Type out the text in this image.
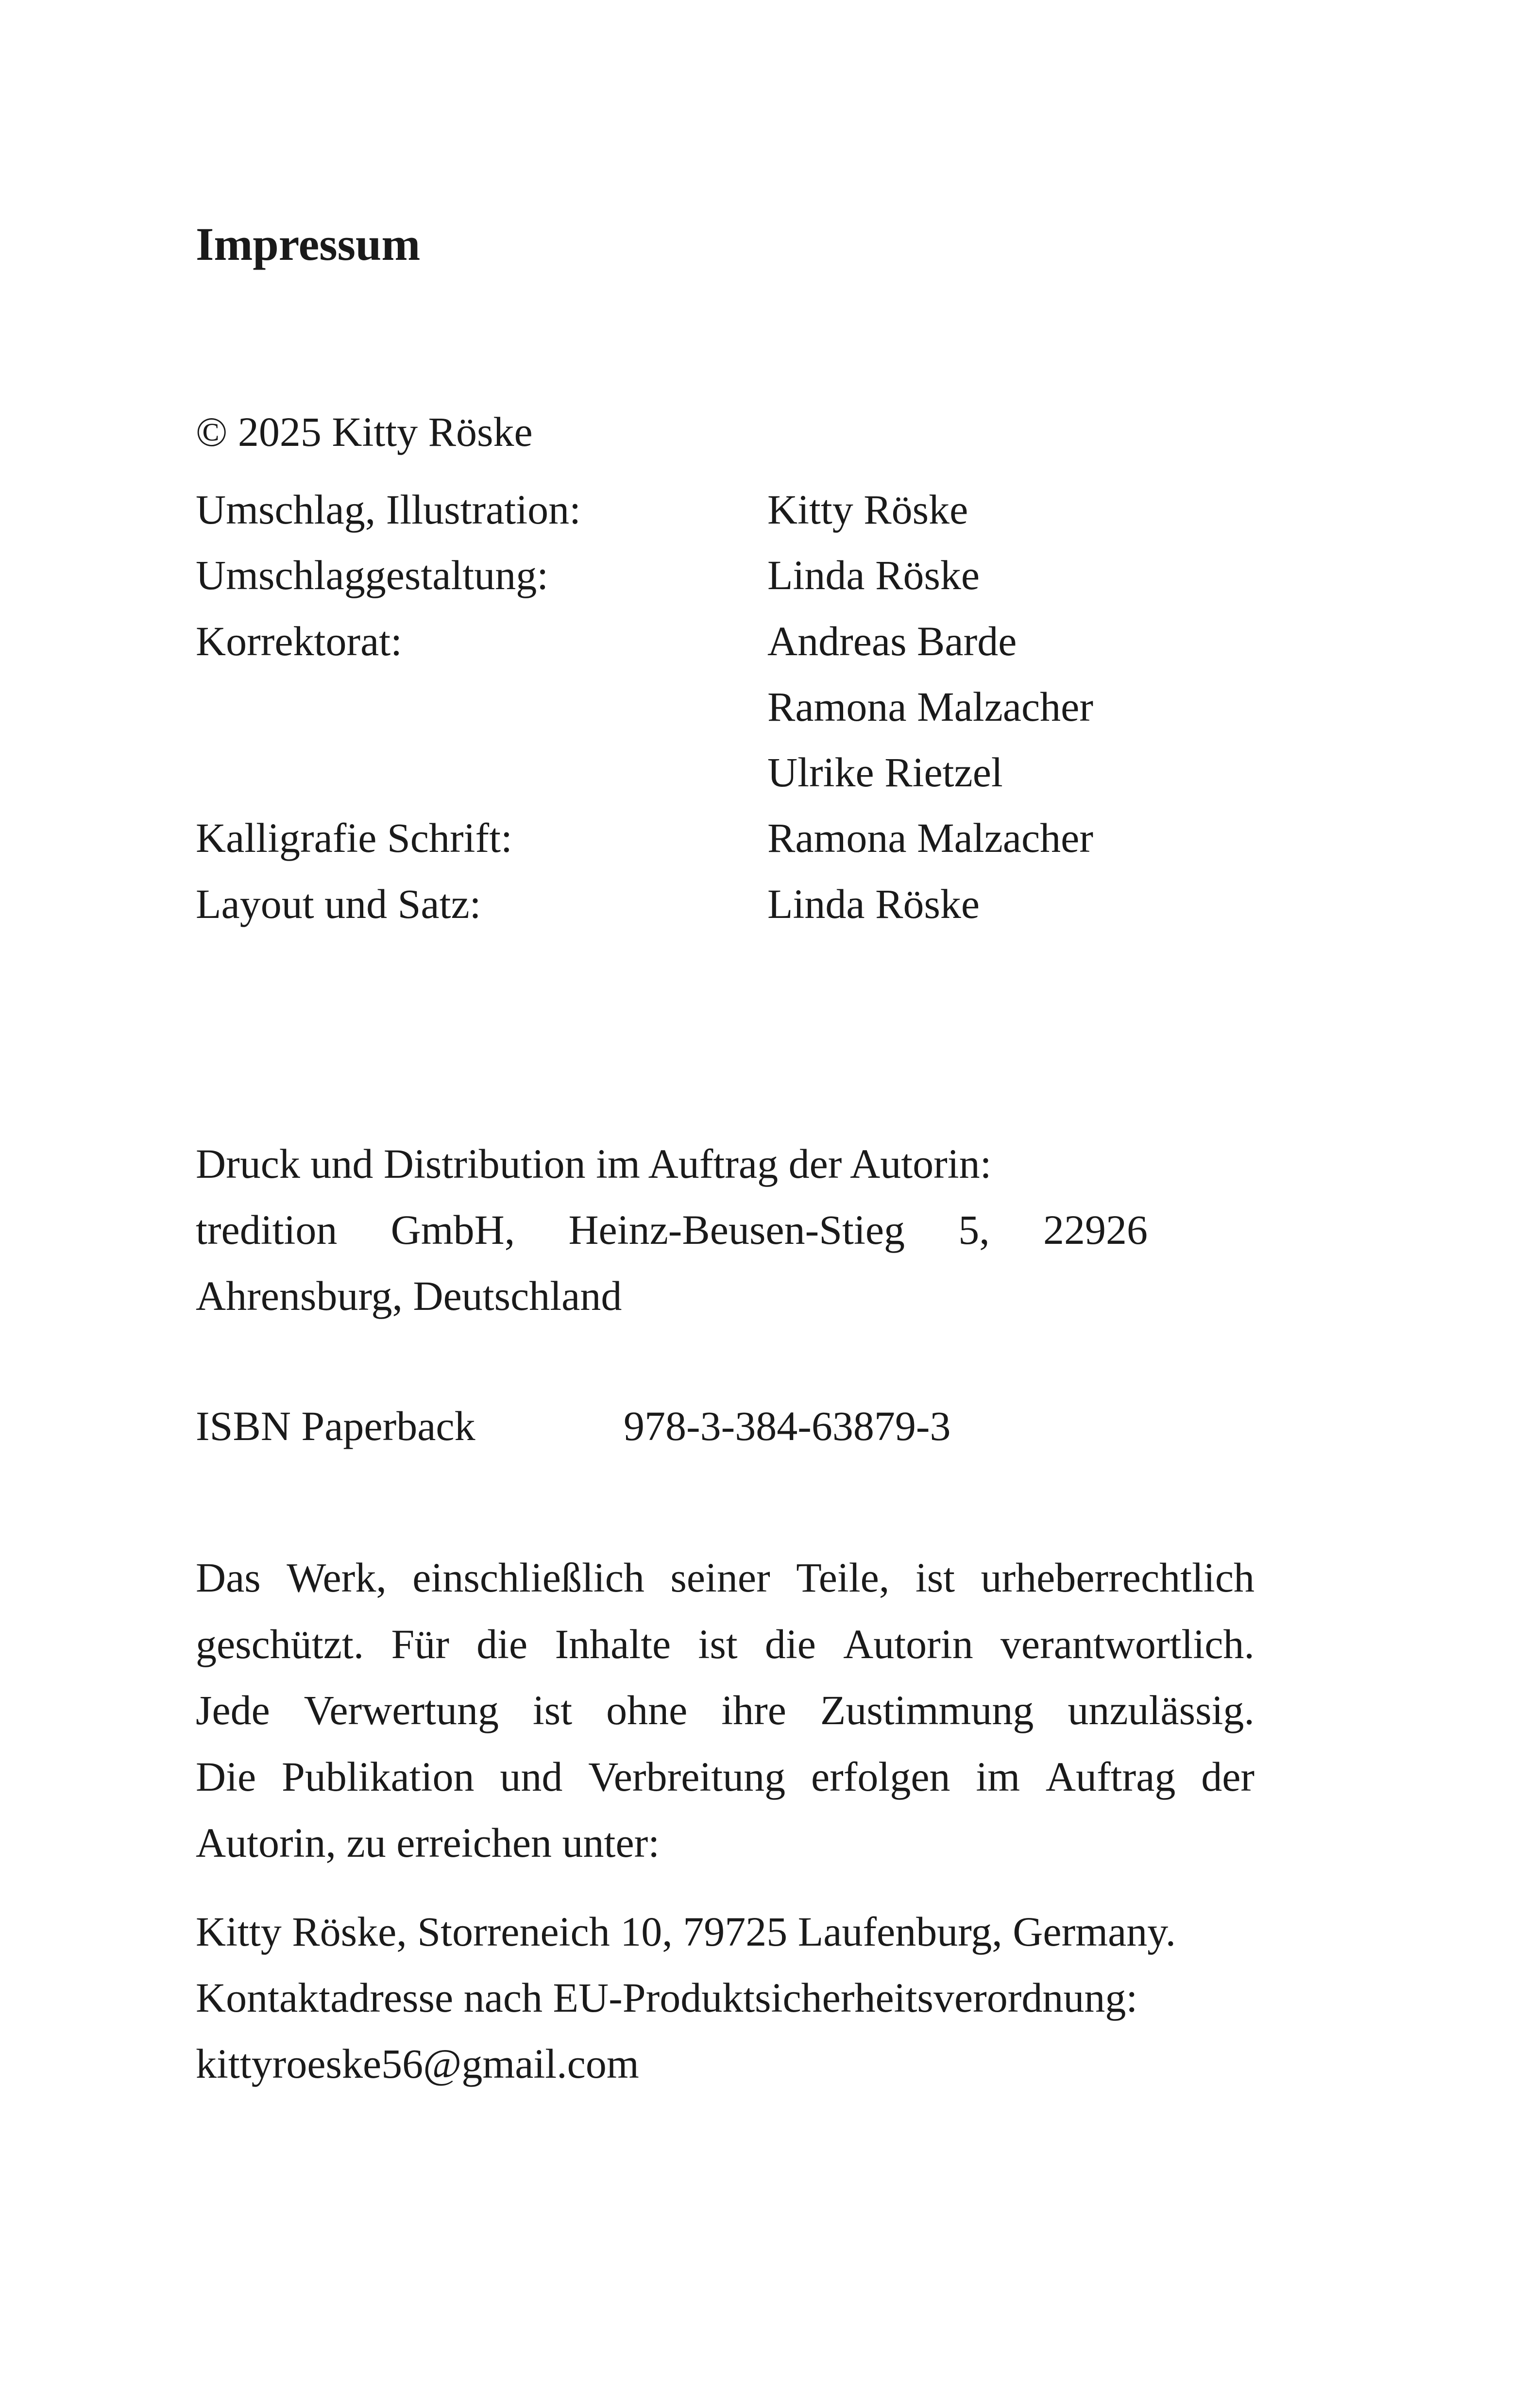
Impressum
© 2025 Kitty Röske
Umschlag, Illustration:	Kitty Röske
Umschlaggestaltung:	Linda Röske
Korrektorat:	Andreas Barde
Ramona Malzacher
Ulrike Rietzel
Kalligrafie Schrift:	Ramona Malzacher
Layout und Satz:	Linda Röske
Druck und Distribution im Auftrag der Autorin:
tredition GmbH, Heinz-Beusen-Stieg 5, 22926
Ahrensburg, Deutschland
ISBN Paperback	978-3-384-63879-3
Das Werk, einschließlich seiner Teile, ist urheberrechtlich
geschützt. Für die Inhalte ist die Autorin verantwortlich.
Jede Verwertung ist ohne ihre Zustimmung unzulässig.
Die Publikation und Verbreitung erfolgen im Auftrag der
Autorin, zu erreichen unter:
Kitty Röske, Storreneich 10, 79725 Laufenburg, Germany.
Kontaktadresse nach EU-Produktsicherheitsverordnung:
kittyroeske56@gmail.com
